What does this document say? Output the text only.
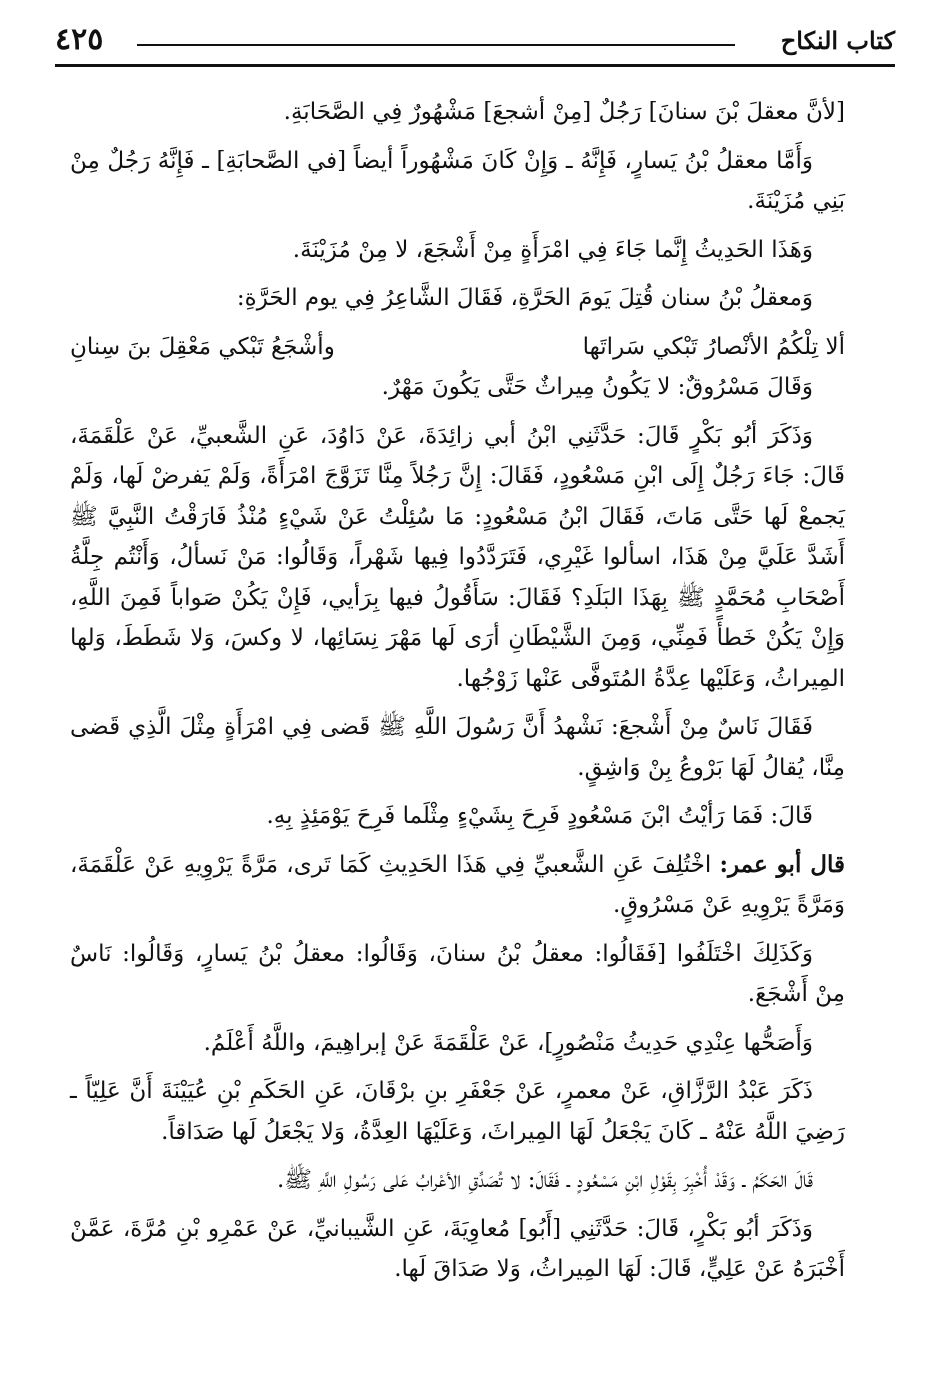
كتاب النكاح
٤٢٥

[لأنَّ معقلَ بْنَ سنانَ] رَجُلٌ [مِنْ أشجعَ] مَشْهُورٌ فِي الصَّحَابَةِ.

وَأَمَّا معقلُ بْنُ يَسارٍ، فَإِنَّهُ ـ وَإِنْ كَانَ مَشْهُوراً أيضاً [في الصَّحابَةِ] ـ فَإِنَّهُ رَجُلٌ مِنْ بَنِي مُزَيْنَةَ.

وَهَذَا الحَدِيثُ إِنَّما جَاءَ فِي امْرَأَةٍ مِنْ أَشْجَعَ، لا مِنْ مُزَيْنَةَ.

وَمعقلُ بْنُ سنان قُتِلَ يَومَ الحَرَّةِ، فَقَالَ الشَّاعِرُ فِي يوم الحَرَّةِ:

ألا تِلْكُمُ الأنْصارُ تَبْكي سَراتَها
وأشْجَعُ تَبْكي مَعْقِلَ بنَ سِنانِ

وَقَالَ مَسْرُوقٌ: لا يَكُونُ مِيراثٌ حَتَّى يَكُونَ مَهْرٌ.

وَذَكَرَ أبُو بَكْرٍ قَالَ: حَدَّثَنِي ابْنُ أبي زائِدَةَ، عَنْ دَاوُدَ، عَنِ الشَّعبيِّ، عَنْ عَلْقَمَةَ، قَالَ: جَاءَ رَجُلٌ إِلَى ابْنِ مَسْعُودٍ، فَقَالَ: إِنَّ رَجُلاً مِنَّا تَزَوَّجَ امْرَأَةً، وَلَمْ يَفرضْ لَها، وَلَمْ يَجمعْ لَها حَتَّى مَاتَ، فَقَالَ ابْنُ مَسْعُودٍ: مَا سُئِلْتُ عَنْ شَيْءٍ مُنْذُ فَارَقْتُ النَّبِيَّ ﷺ أَشَدَّ عَلَيَّ مِنْ هَذَا، اسألوا غَيْرِي، فَتَرَدَّدُوا فِيها شَهْراً، وَقَالُوا: مَنْ نَسألُ، وَأَنْتُم جِلَّةُ أَصْحَابِ مُحَمَّدٍ ﷺ بِهَذَا البَلَدِ؟ فَقَالَ: سَأَقُولُ فيها بِرَأيي، فَإِنْ يَكُنْ صَواباً فَمِنَ اللَّهِ، وَإِنْ يَكُنْ خَطأً فَمِنِّي، وَمِنَ الشَّيْطَانِ أرَى لَها مَهْرَ نِسَائِها، لا وكسَ، وَلا شَطَطَ، وَلها المِيراثُ، وَعَلَيْها عِدَّةُ المُتَوفَّى عَنْها زَوْجُها.

فَقَالَ نَاسٌ مِنْ أَشْجعَ: نَشْهدُ أَنَّ رَسُولَ اللَّهِ ﷺ قَضى فِي امْرَأَةٍ مِثْلَ الَّذِي قَضى مِنَّا، يُقالُ لَهَا بَرْوعُ بِنْ وَاشِقٍ.

قَالَ: فَمَا رَأيْتُ ابْنَ مَسْعُودٍ فَرِحَ بِشَيْءٍ مِثْلَما فَرِحَ يَوْمَئِذٍ بِهِ.

قال أبو عمر: اخْتُلِفَ عَنِ الشَّعبيِّ فِي هَذَا الحَدِيثِ كَمَا تَرى، مَرَّةً يَرْوِيهِ عَنْ عَلْقَمَةَ، وَمَرَّةً يَرْوِيهِ عَنْ مَسْرُوقٍ.

وَكَذَلِكَ اخْتَلَفُوا [فَقَالُوا: معقلُ بْنُ سنانَ، وَقَالُوا: معقلُ بْنُ يَسارٍ، وَقَالُوا: نَاسٌ مِنْ أَشْجَعَ.

وَأَصَحُّها عِنْدِي حَدِيثُ مَنْصُورٍ]، عَنْ عَلْقَمَةَ عَنْ إبراهِيمَ، واللَّهُ أَعْلَمُ.

ذَكَرَ عَبْدُ الرَّزَّاقِ، عَنْ معمرٍ، عَنْ جَعْفَرِ بنِ برْقَانَ، عَنِ الحَكَمِ بْنِ عُيَيْنَةَ أَنَّ عَلِيّاً ـ رَضِيَ اللَّهُ عَنْهُ ـ كَانَ يَجْعَلُ لَهَا المِيراثَ، وَعَلَيْهَا العِدَّةُ، وَلا يَجْعَلُ لَها صَدَاقاً.

قَالَ الحَكَمُ ـ وَقَدْ أُخْبِرَ بِقَوْلِ ابْنِ مَسْعُودٍ ـ فَقَالَ: لا تُصَدِّقِ الأعْرابُ عَلى رَسُولِ اللَّهِ ﷺ.

وَذَكَرَ أبُو بَكْرٍ، قَالَ: حَدَّثَنِي [أَبُو] مُعاوِيَةَ، عَنِ الشَّيبانيِّ، عَنْ عَمْرِو بْنِ مُرَّةَ، عَمَّنْ أَخْبَرَهُ عَنْ عَلِيٍّ، قَالَ: لَهَا المِيراثُ، وَلا صَدَاقَ لَها.
